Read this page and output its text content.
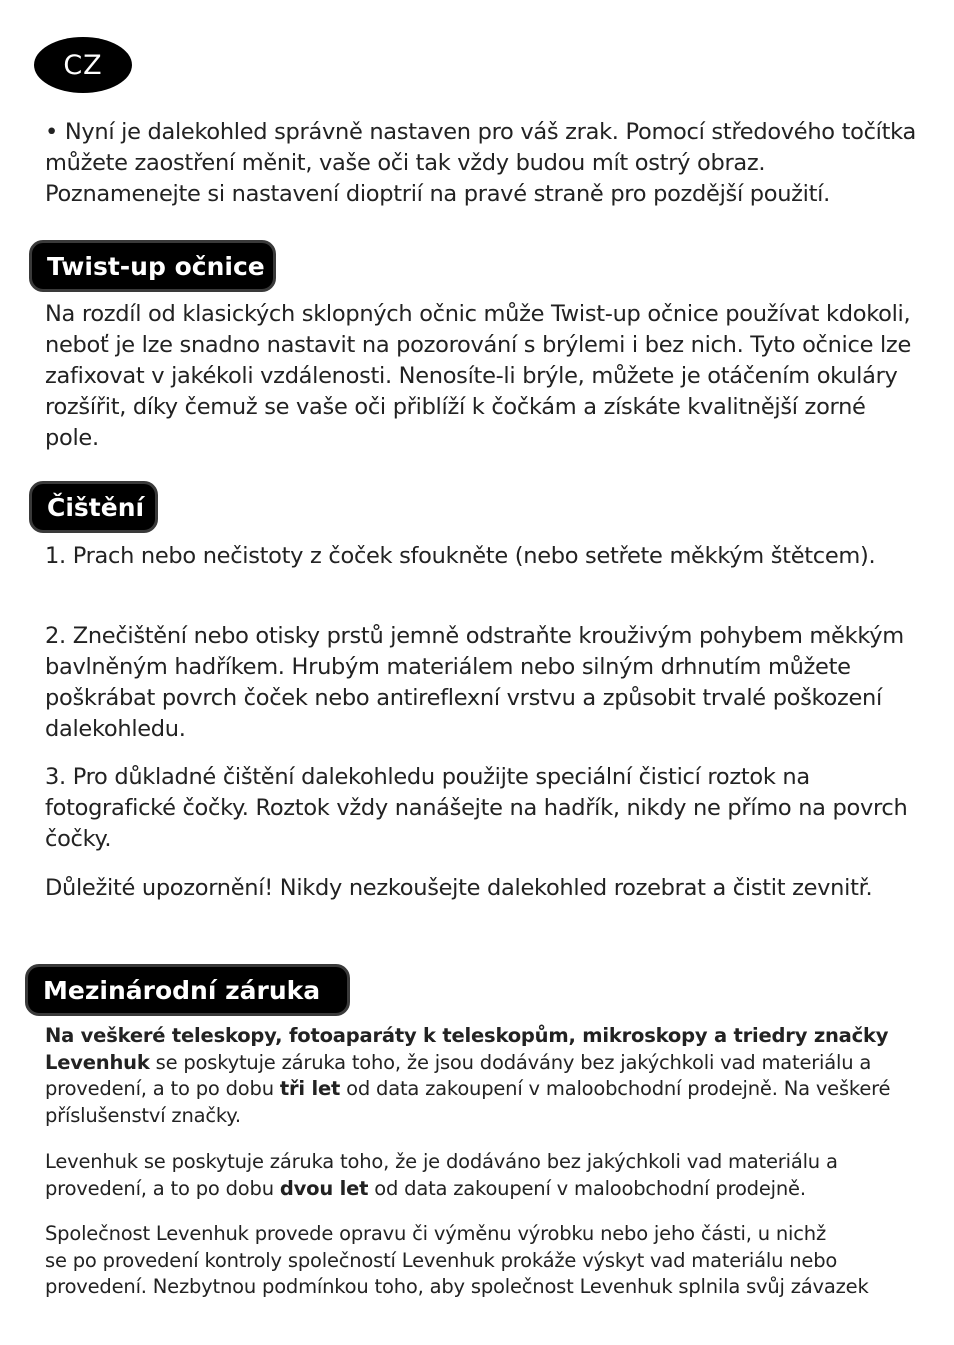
CZ

• Nyní je dalekohled správně nastaven pro váš zrak. Pomocí středového točítka můžete zaostření měnit, vaše oči tak vždy budou mít ostrý obraz. Poznamenejte si nastavení dioptrií na pravé straně pro pozdější použití.

Twist-up očnice

Na rozdíl od klasických sklopných očnic může Twist-up očnice používat kdokoli, neboť je lze snadno nastavit na pozorování s brýlemi i bez nich. Tyto očnice lze zafixovat v jakékoli vzdálenosti. Nenosíte-li brýle, můžete je otáčením okuláry rozšířit, díky čemuž se vaše oči přiblíží k čočkám a získáte kvalitnější zorné pole.

Čištění

1. Prach nebo nečistoty z čoček sfoukněte (nebo setřete měkkým štětcem).

2. Znečištění nebo otisky prstů jemně odstraňte krouživým pohybem měkkým bavlněným hadříkem. Hrubým materiálem nebo silným drhnutím můžete poškrábat povrch čoček nebo antireflexní vrstvu a způsobit trvalé poškození dalekohledu.

3. Pro důkladné čištění dalekohledu použijte speciální čisticí roztok na fotografické čočky. Roztok vždy nanášejte na hadřík, nikdy ne přímo na povrch čočky.

Důležité upozornění! Nikdy nezkoušejte dalekohled rozebrat a čistit zevnitř.

Mezinárodní záruka

Na veškeré teleskopy, fotoaparáty k teleskopům, mikroskopy a triedry značky Levenhuk se poskytuje záruka toho, že jsou dodávány bez jakýchkoli vad materiálu a provedení, a to po dobu tři let od data zakoupení v maloobchodní prodejně. Na veškeré příslušenství značky.

Levenhuk se poskytuje záruka toho, že je dodáváno bez jakýchkoli vad materiálu a provedení, a to po dobu dvou let od data zakoupení v maloobchodní prodejně.

Společnost Levenhuk provede opravu či výměnu výrobku nebo jeho části, u nichž
se po provedení kontroly společností Levenhuk prokáže výskyt vad materiálu nebo
provedení. Nezbytnou podmínkou toho, aby společnost Levenhuk splnila svůj závazek
